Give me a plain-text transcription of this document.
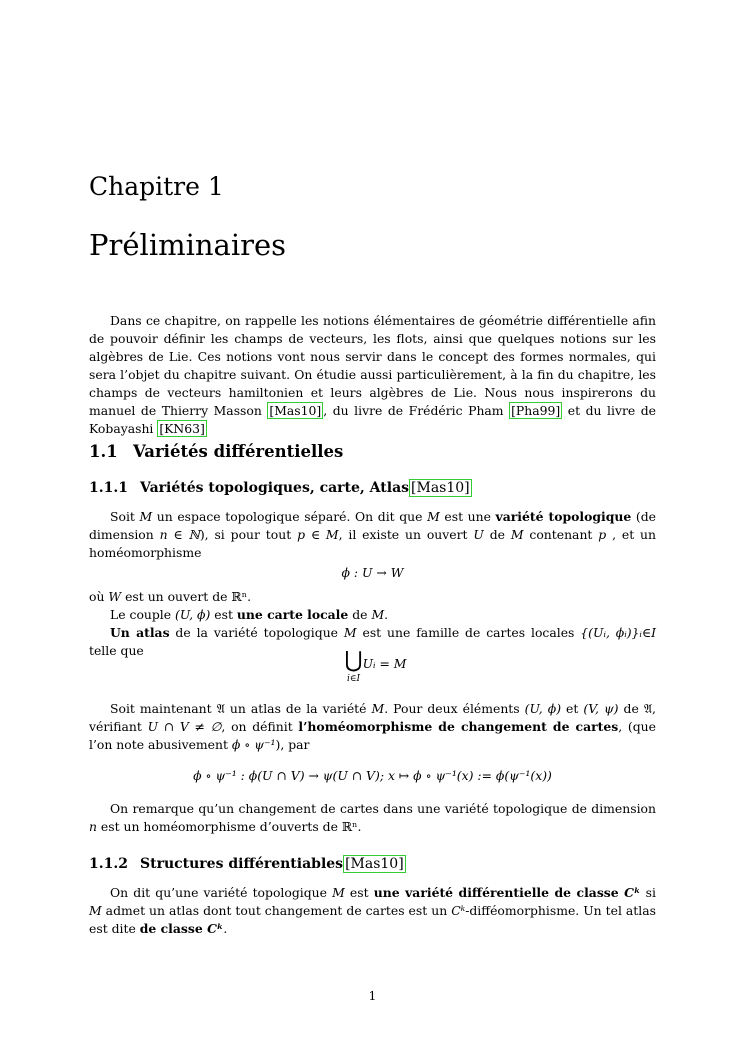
Chapitre 1
Préliminaires

Dans ce chapitre, on rappelle les notions élémentaires de géométrie différentielle afin de pouvoir définir les champs de vecteurs, les flots, ainsi que quelques notions sur les algèbres de Lie. Ces notions vont nous servir dans le concept des formes normales, qui sera l’objet du chapitre suivant. On étudie aussi particulièrement, à la fin du chapitre, les champs de vecteurs hamiltonien et leurs algèbres de Lie. Nous nous inspirerons du manuel de Thierry Masson [Mas10] , du livre de Frédéric Pham [Pha99] et du livre de Kobayashi [KN63]

1.1 Variétés différentielles
1.1.1 Variétés topologiques, carte, Atlas [Mas10]

Soit M un espace topologique séparé. On dit que M est une variété topologique (de dimension n ∈ ℕ), si pour tout p ∈ M, il existe un ouvert U de M contenant p , et un homéomorphisme

ϕ : U → W

où W est un ouvert de ℝⁿ.

Le couple (U, ϕ) est une carte locale de M.

Un atlas de la variété topologique M est une famille de cartes locales {(Uᵢ, ϕᵢ)}ᵢ∈I telle que	⋃
i∈I
Uᵢ = M

Soit maintenant 𝔄 un atlas de la variété M. Pour deux éléments (U, ϕ) et (V, ψ) de 𝔄, vérifiant U ∩ V ≠ ∅, on définit l’homéomorphisme de changement de cartes, (que l’on note abusivement ϕ ∘ ψ⁻¹), par

ϕ ∘ ψ⁻¹ : ϕ(U ∩ V) → ψ(U ∩ V); x ↦ ϕ ∘ ψ⁻¹(x) := ϕ(ψ⁻¹(x))

On remarque qu’un changement de cartes dans une variété topologique de dimension n est un homéomorphisme d’ouverts de ℝⁿ.

1.1.2 Structures différentiables [Mas10]

On dit qu’une variété topologique M est une variété différentielle de classe Cᵏ si M admet un atlas dont tout changement de cartes est un Cᵏ-difféomorphisme. Un tel atlas est dite de classe Cᵏ.

1
